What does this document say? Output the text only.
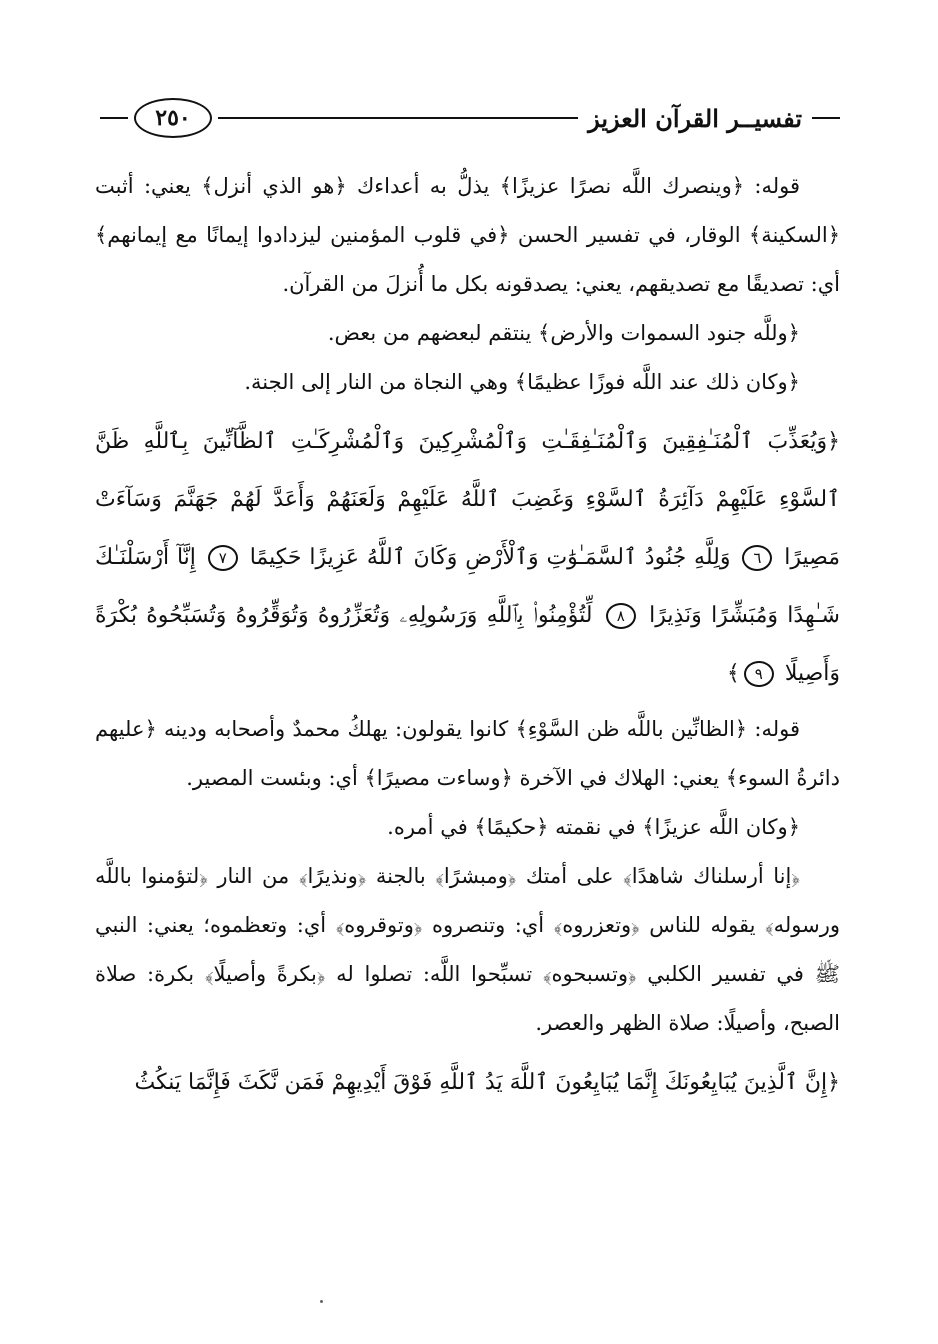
تفسيــر القرآن العزيز
٢٥٠

قوله: ﴿وينصرك اللَّه نصرًا عزيزًا﴾ يذلُّ به أعداءك ﴿هو الذي أنزل﴾ يعني: أثبت ﴿السكينة﴾ الوقار، في تفسير الحسن ﴿في قلوب المؤمنين ليزدادوا إيمانًا مع إيمانهم﴾ أي: تصديقًا مع تصديقهم، يعني: يصدقونه بكل ما أُنزلَ من القرآن.

﴿وللَّه جنود السموات والأرض﴾ ينتقم لبعضهم من بعض.

﴿وكان ذلك عند اللَّه فوزًا عظيمًا﴾ وهي النجاة من النار إلى الجنة.

﴿وَيُعَذِّبَ ٱلْمُنَـٰفِقِينَ وَٱلْمُنَـٰفِقَـٰتِ وَٱلْمُشْرِكِينَ وَٱلْمُشْرِكَـٰتِ ٱلظَّآنِّينَ بِٱللَّهِ ظَنَّ ٱلسَّوْءِ عَلَيْهِمْ دَآئِرَةُ ٱلسَّوْءِ وَغَضِبَ ٱللَّهُ عَلَيْهِمْ وَلَعَنَهُمْ وَأَعَدَّ لَهُمْ جَهَنَّمَ وَسَآءَتْ مَصِيرًا ٦ وَلِلَّهِ جُنُودُ ٱلسَّمَـٰوَٰتِ وَٱلْأَرْضِ وَكَانَ ٱللَّهُ عَزِيزًا حَكِيمًا ٧ إِنَّآ أَرْسَلْنَـٰكَ شَـٰهِدًا وَمُبَشِّرًا وَنَذِيرًا ٨ لِّتُؤْمِنُوا۟ بِٱللَّهِ وَرَسُولِهِۦ وَتُعَزِّرُوهُ وَتُوَقِّرُوهُ وَتُسَبِّحُوهُ بُكْرَةً وَأَصِيلًا ٩﴾

قوله: ﴿الظانِّين باللَّه ظن السَّوْءِ﴾ كانوا يقولون: يهلكُ محمدٌ وأصحابه ودينه ﴿عليهم دائرةُ السوء﴾ يعني: الهلاك في الآخرة ﴿وساءت مصيرًا﴾ أي: وبئست المصير.

﴿وكان اللَّه عزيزًا﴾ في نقمته ﴿حكيمًا﴾ في أمره.

﴿إنا أرسلناك شاهدًا﴾ على أمتك ﴿ومبشرًا﴾ بالجنة ﴿ونذيرًا﴾ من النار ﴿لتؤمنوا باللَّه ورسوله﴾ يقوله للناس ﴿وتعزروه﴾ أي: وتنصروه ﴿وتوقروه﴾ أي: وتعظموه؛ يعني: النبي ﷺ في تفسير الكلبي ﴿وتسبحوه﴾ تسبِّحوا اللَّه: تصلوا له ﴿بكرةً وأصيلًا﴾ بكرة: صلاة الصبح، وأصيلًا: صلاة الظهر والعصر.

﴿إِنَّ ٱلَّذِينَ يُبَايِعُونَكَ إِنَّمَا يُبَايِعُونَ ٱللَّهَ يَدُ ٱللَّهِ فَوْقَ أَيْدِيهِمْ فَمَن نَّكَثَ فَإِنَّمَا يَنكُثُ
